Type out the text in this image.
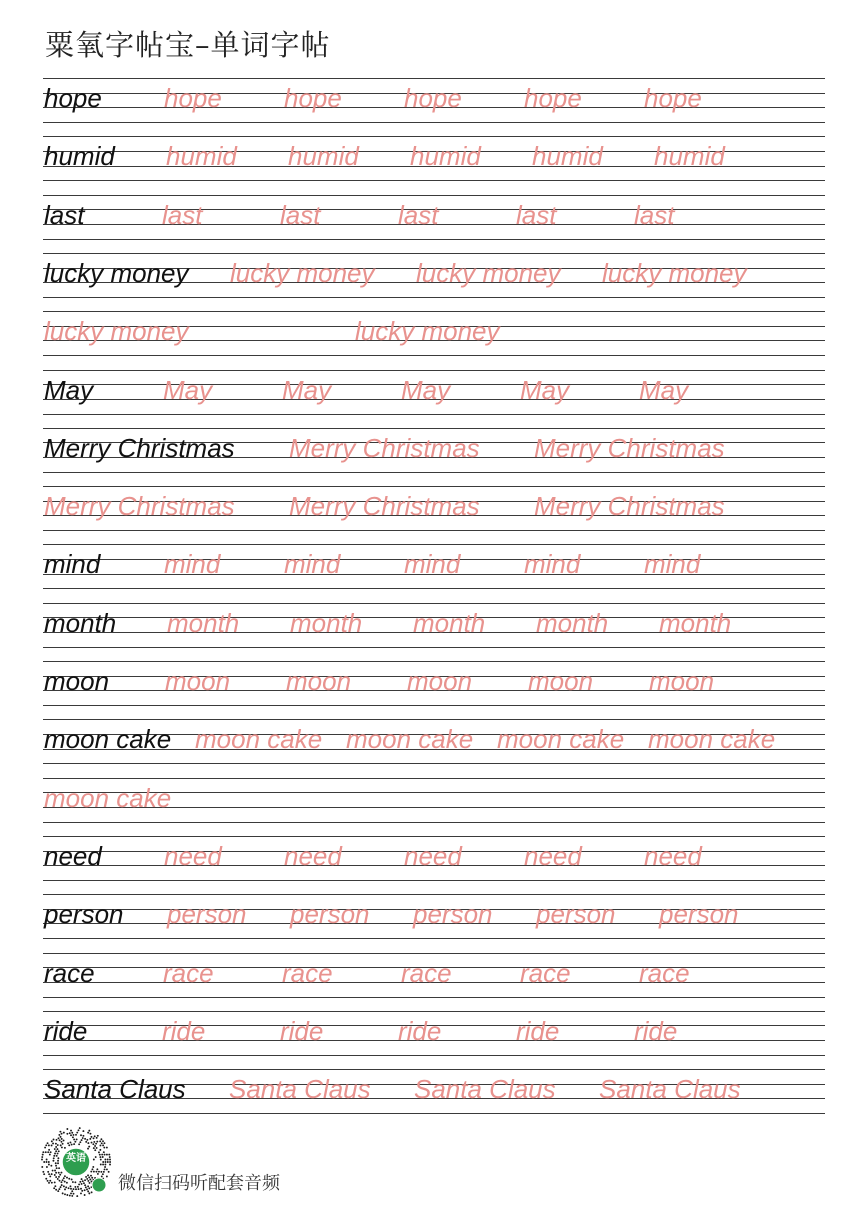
粟氧字帖宝–单词字帖
hope hope hope hope hope hope
humid humid humid humid humid humid
last	last	last	last	last	last
lucky money lucky money lucky money lucky money
lucky money	lucky money
May	May	May	May	May	May
Merry Christmas Merry Christmas Merry Christmas
Merry Christmas Merry Christmas Merry Christmas
mind mind mind mind mind mind
month month month month month month
moon moon moon moon moon moon
moon cake moon cake moon cake moon cake moon cake
moon cake
need need need need need need
person person person person person person
race	race	race	race	race	race
ride	ride	ride	ride	ride	ride
Santa Claus Santa Claus Santa Claus Santa Claus
英语
微信扫码听配套音频
